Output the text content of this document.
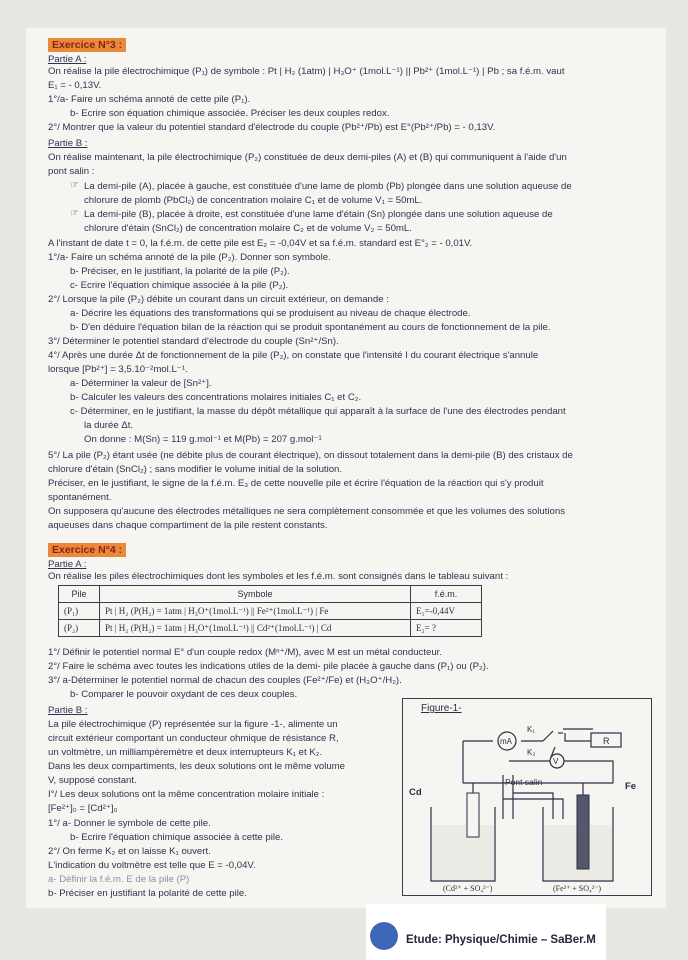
Exercice N°3 :
Partie A :
On réalise la pile électrochimique (P₁) de symbole : Pt | H₂ (1atm) | H₃O⁺ (1mol.L⁻¹) || Pb²⁺ (1mol.L⁻¹) | Pb ; sa f.é.m. vaut
E₁ = - 0,13V.
1°/a- Faire un schéma annoté de cette pile (P₁).
b- Ecrire son équation chimique associée. Préciser les deux couples redox.
2°/ Montrer que la valeur du potentiel standard d'électrode du couple (Pb²⁺/Pb) est E°(Pb²⁺/Pb) = - 0,13V.
Partie B :
On réalise maintenant, la pile électrochimique (P₂) constituée de deux demi-piles (A) et (B) qui communiquent à l'aide d'un
pont salin :
☞ La demi-pile (A), placée à gauche, est constituée d'une lame de plomb (Pb) plongée dans une solution aqueuse de
chlorure de plomb (PbCl₂) de concentration molaire C₁ et de volume V₁ = 50mL.
☞ La demi-pile (B), placée à droite, est constituée d'une lame d'étain (Sn) plongée dans une solution aqueuse de
chlorure d'étain (SnCl₂) de concentration molaire C₂ et de volume V₂ = 50mL.
A l'instant de date t = 0, la f.é.m. de cette pile est E₂ = -0,04V et sa f.é.m. standard est E°₂ = - 0,01V.
1°/a- Faire un schéma annoté de la pile (P₂). Donner son symbole.
b- Préciser, en le justifiant, la polarité de la pile (P₂).
c- Ecrire l'équation chimique associée à la pile (P₂).
2°/ Lorsque la pile (P₂) débite un courant dans un circuit extérieur, on demande :
a- Décrire les équations des transformations qui se produisent au niveau de chaque électrode.
b- D'en déduire l'équation bilan de la réaction qui se produit spontanément au cours de fonctionnement de la pile.
3°/ Déterminer le potentiel standard d'électrode du couple (Sn²⁺/Sn).
4°/ Après une durée Δt de fonctionnement de la pile (P₂), on constate que l'intensité I du courant électrique s'annule
lorsque [Pb²⁺] = 3,5.10⁻²mol.L⁻¹.
a- Déterminer la valeur de [Sn²⁺].
b- Calculer les valeurs des concentrations molaires initiales C₁ et C₂.
c- Déterminer, en le justifiant, la masse du dépôt métallique qui apparaît à la surface de l'une des électrodes pendant
la durée Δt.
On donne : M(Sn) = 119 g.mol⁻¹ et M(Pb) = 207 g.mol⁻¹
5°/ La pile (P₂) étant usée (ne débite plus de courant électrique), on dissout totalement dans la demi-pile (B) des cristaux de
chlorure d'étain (SnCl₂) ; sans modifier le volume initial de la solution.
Préciser, en le justifiant, le signe de la f.é.m. E₃ de cette nouvelle pile et écrire l'équation de la réaction qui s'y produit
spontanément.
On supposera qu'aucune des électrodes métalliques ne sera complètement consommée et que les volumes des solutions
aqueuses dans chaque compartiment de la pile restent constants.
Exercice N°4 :
Partie A :
On réalise les piles électrochimiques dont les symboles et les f.é.m. sont consignés dans le tableau suivant :
Pile	Symbole	f.é.m.
(P₁)	Pt | H₂ (P(H₂) = 1atm | H₃O⁺(1mol.L⁻¹) || Fe²⁺(1mol.L⁻¹) | Fe	E₁=-0,44V
(P₂)	Pt | H₂ (P(H₂) = 1atm | H₃O⁺(1mol.L⁻¹) || Cd²⁺(1mol.L⁻¹) | Cd	E₂= ?
1°/ Définir le potentiel normal E° d'un couple redox (Mⁿ⁺/M), avec M est un métal conducteur.
2°/ Faire le schéma avec toutes les indications utiles de la demi- pile placée à gauche dans (P₁) ou (P₂).
3°/ a-Déterminer le potentiel normal de chacun des couples (Fe²⁺/Fe) et (H₃O⁺/H₂).
b- Comparer le pouvoir oxydant de ces deux couples.
Partie B :
La pile électrochimique (P) représentée sur la figure -1-, alimente un
circuit extérieur comportant un conducteur ohmique de résistance R,
un voltmètre, un milliampèremètre et deux interrupteurs K₁ et K₂.
Dans les deux compartiments, les deux solutions ont le même volume
V, supposé constant.
I°/ Les deux solutions ont la même concentration molaire initiale :
[Fe²⁺]₀ = [Cd²⁺]₀
1°/ a- Donner le symbole de cette pile.
b- Ecrire l'équation chimique associée à cette pile.
2°/ On ferme K₂ et on laisse K₁ ouvert.
L'indication du voltmètre est telle que E = -0,04V.
a- Définir la f.é.m. E de la pile (P)
b- Préciser en justifiant la polarité de cette pile.
Figure-1-
mA	R
V
K₁
K₂
Pont salin
Cd
Fe
(Cd²⁺ + SO₄²⁻)	(Fe²⁺ + SO₄²⁻)
Etude: Physique/Chimie – SaBer.M
